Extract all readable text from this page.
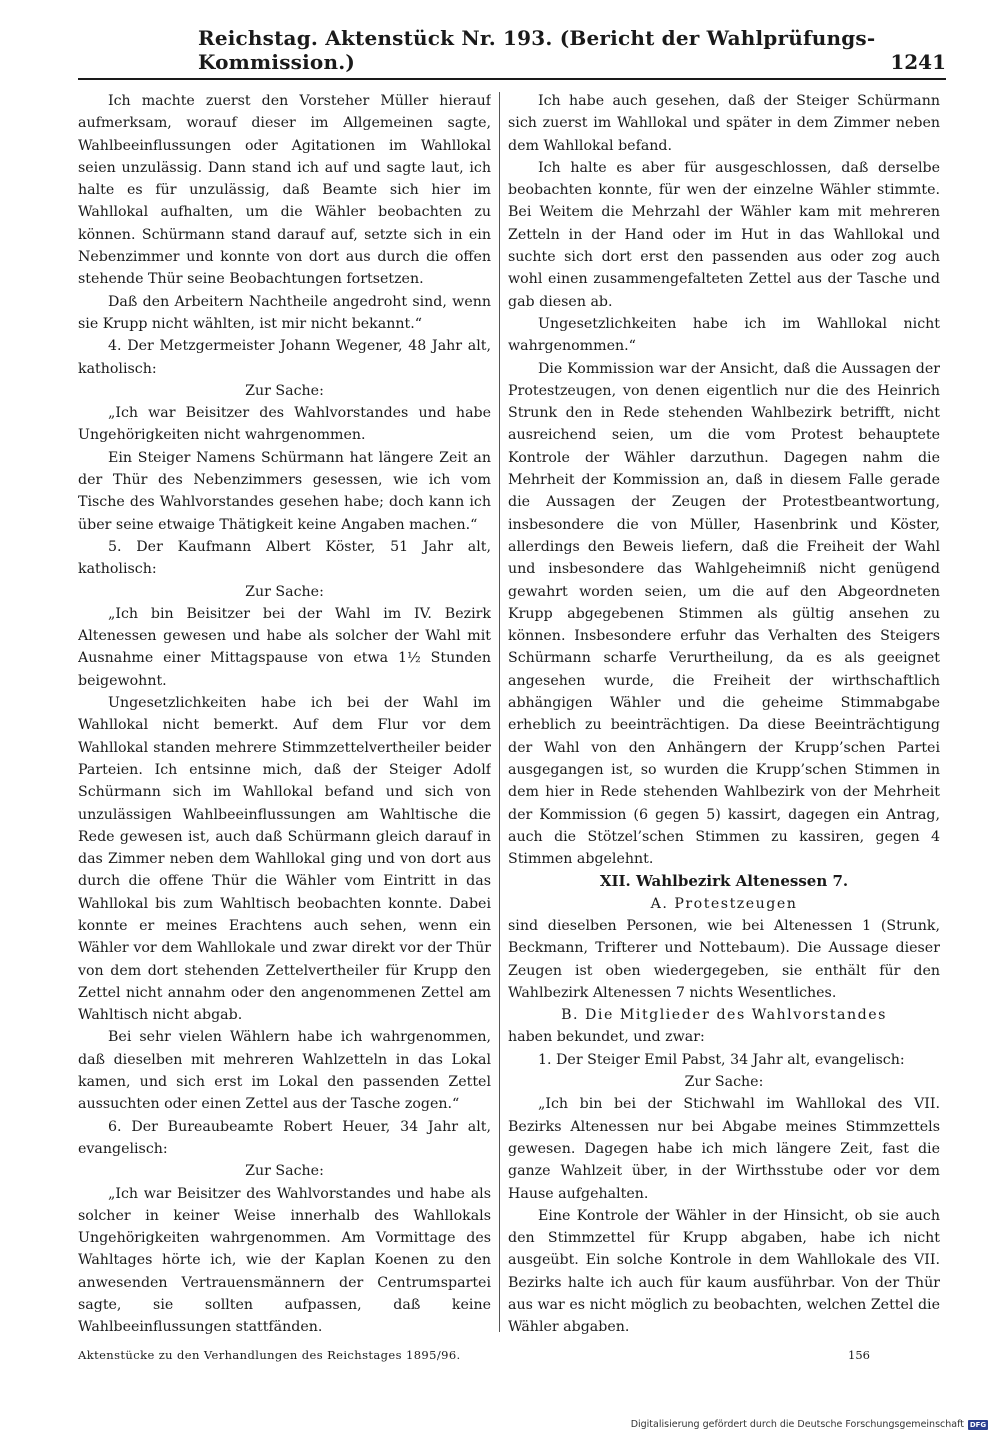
Reichstag. Aktenstück Nr. 193. (Bericht der Wahlprüfungs-Kommission.)	1241

Ich machte zuerst den Vorsteher Müller hierauf aufmerksam, worauf dieser im Allgemeinen sagte, Wahlbeeinflussungen oder Agitationen im Wahllokal seien unzulässig. Dann stand ich auf und sagte laut, ich halte es für unzulässig, daß Beamte sich hier im Wahllokal aufhalten, um die Wähler beobachten zu können. Schürmann stand darauf auf, setzte sich in ein Nebenzimmer und konnte von dort aus durch die offen stehende Thür seine Beobachtungen fortsetzen.

Daß den Arbeitern Nachtheile angedroht sind, wenn sie Krupp nicht wählten, ist mir nicht bekannt.“

4. Der Metzgermeister Johann Wegener, 48 Jahr alt, katholisch:

Zur Sache:

„Ich war Beisitzer des Wahlvorstandes und habe Ungehörigkeiten nicht wahrgenommen.

Ein Steiger Namens Schürmann hat längere Zeit an der Thür des Nebenzimmers gesessen, wie ich vom Tische des Wahlvorstandes gesehen habe; doch kann ich über seine etwaige Thätigkeit keine Angaben machen.“

5. Der Kaufmann Albert Köster, 51 Jahr alt, katholisch:

Zur Sache:

„Ich bin Beisitzer bei der Wahl im IV. Bezirk Altenessen gewesen und habe als solcher der Wahl mit Ausnahme einer Mittagspause von etwa 1½ Stunden beigewohnt.

Ungesetzlichkeiten habe ich bei der Wahl im Wahllokal nicht bemerkt. Auf dem Flur vor dem Wahllokal standen mehrere Stimmzettelvertheiler beider Parteien. Ich entsinne mich, daß der Steiger Adolf Schürmann sich im Wahllokal befand und sich von unzulässigen Wahlbeeinflussungen am Wahltische die Rede gewesen ist, auch daß Schürmann gleich darauf in das Zimmer neben dem Wahllokal ging und von dort aus durch die offene Thür die Wähler vom Eintritt in das Wahllokal bis zum Wahltisch beobachten konnte. Dabei konnte er meines Erachtens auch sehen, wenn ein Wähler vor dem Wahllokale und zwar direkt vor der Thür von dem dort stehenden Zettelvertheiler für Krupp den Zettel nicht annahm oder den angenommenen Zettel am Wahltisch nicht abgab.

Bei sehr vielen Wählern habe ich wahrgenommen, daß dieselben mit mehreren Wahlzetteln in das Lokal kamen, und sich erst im Lokal den passenden Zettel aussuchten oder einen Zettel aus der Tasche zogen.“

6. Der Bureaubeamte Robert Heuer, 34 Jahr alt, evangelisch:

Zur Sache:

„Ich war Beisitzer des Wahlvorstandes und habe als solcher in keiner Weise innerhalb des Wahllokals Ungehörigkeiten wahrgenommen. Am Vormittage des Wahltages hörte ich, wie der Kaplan Koenen zu den anwesenden Vertrauensmännern der Centrumspartei sagte, sie sollten aufpassen, daß keine Wahlbeeinflussungen stattfänden.

Ich habe auch gesehen, daß der Steiger Schürmann sich zuerst im Wahllokal und später in dem Zimmer neben dem Wahllokal befand.

Ich halte es aber für ausgeschlossen, daß derselbe beobachten konnte, für wen der einzelne Wähler stimmte. Bei Weitem die Mehrzahl der Wähler kam mit mehreren Zetteln in der Hand oder im Hut in das Wahllokal und suchte sich dort erst den passenden aus oder zog auch wohl einen zusammengefalteten Zettel aus der Tasche und gab diesen ab.

Ungesetzlichkeiten habe ich im Wahllokal nicht wahrgenommen.“

Die Kommission war der Ansicht, daß die Aussagen der Protestzeugen, von denen eigentlich nur die des Heinrich Strunk den in Rede stehenden Wahlbezirk betrifft, nicht ausreichend seien, um die vom Protest behauptete Kontrole der Wähler darzuthun. Dagegen nahm die Mehrheit der Kommission an, daß in diesem Falle gerade die Aussagen der Zeugen der Protestbeantwortung, insbesondere die von Müller, Hasenbrink und Köster, allerdings den Beweis liefern, daß die Freiheit der Wahl und insbesondere das Wahlgeheimniß nicht genügend gewahrt worden seien, um die auf den Abgeordneten Krupp abgegebenen Stimmen als gültig ansehen zu können. Insbesondere erfuhr das Verhalten des Steigers Schürmann scharfe Verurtheilung, da es als geeignet angesehen wurde, die Freiheit der wirthschaftlich abhängigen Wähler und die geheime Stimmabgabe erheblich zu beeinträchtigen. Da diese Beeinträchtigung der Wahl von den Anhängern der Krupp’schen Partei ausgegangen ist, so wurden die Krupp’schen Stimmen in dem hier in Rede stehenden Wahlbezirk von der Mehrheit der Kommission (6 gegen 5) kassirt, dagegen ein Antrag, auch die Stötzel’schen Stimmen zu kassiren, gegen 4 Stimmen abgelehnt.

XII. Wahlbezirk Altenessen 7.

A. Protestzeugen

sind dieselben Personen, wie bei Altenessen 1 (Strunk, Beckmann, Trifterer und Nottebaum). Die Aussage dieser Zeugen ist oben wiedergegeben, sie enthält für den Wahlbezirk Altenessen 7 nichts Wesentliches.

B. Die Mitglieder des Wahlvorstandes

haben bekundet, und zwar:

1. Der Steiger Emil Pabst, 34 Jahr alt, evangelisch:

Zur Sache:

„Ich bin bei der Stichwahl im Wahllokal des VII. Bezirks Altenessen nur bei Abgabe meines Stimmzettels gewesen. Dagegen habe ich mich längere Zeit, fast die ganze Wahlzeit über, in der Wirthsstube oder vor dem Hause aufgehalten.

Eine Kontrole der Wähler in der Hinsicht, ob sie auch den Stimmzettel für Krupp abgaben, habe ich nicht ausgeübt. Ein solche Kontrole in dem Wahllokale des VII. Bezirks halte ich auch für kaum ausführbar. Von der Thür aus war es nicht möglich zu beobachten, welchen Zettel die Wähler abgaben.

Aktenstücke zu den Verhandlungen des Reichstages 1895/96.	156
Digitalisierung gefördert durch die Deutsche Forschungsgemeinschaft DFG
